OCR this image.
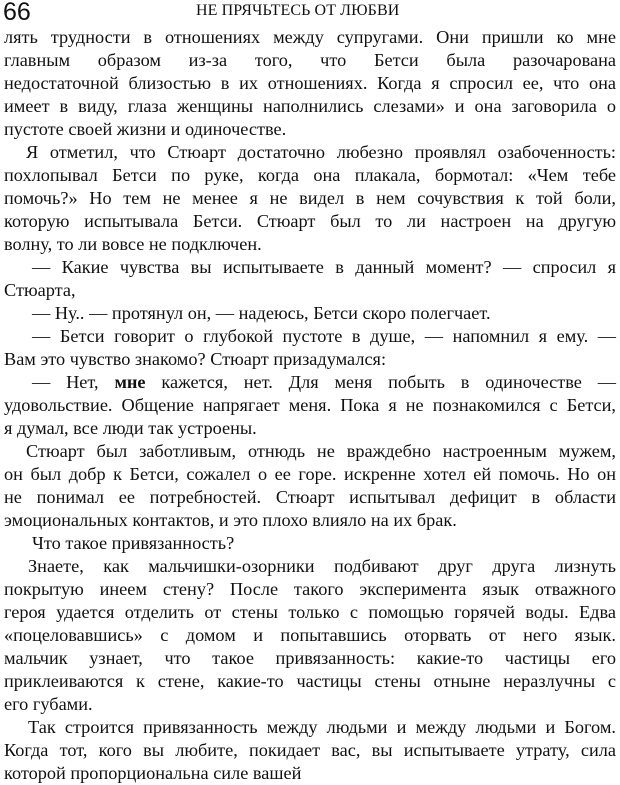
66	НЕ ПРЯЧЬТЕСЬ ОТ ЛЮБВИ
лять трудности в отношениях между супругами. Они пришли ко мне
главным образом из-за того, что Бетси была разочарована
недостаточной близостью в их отношениях. Когда я спросил ее, что она
имеет в виду, глаза женщины наполнились слезами» и она заговорила о
пустоте своей жизни и одиночестве.
Я отметил, что Стюарт достаточно любезно проявлял озабоченность:
похлопывал Бетси по руке, когда она плакала, бормотал: «Чем тебе
помочь?» Но тем не менее я не видел в нем сочувствия к той боли,
которую испытывала Бетси. Стюарт был то ли настроен на другую
волну, то ли вовсе не подключен.
— Какие чувства вы испытываете в данный момент? — спросил я
Стюарта,
— Ну.. — протянул он, — надеюсь, Бетси скоро полегчает.
— Бетси говорит о глубокой пустоте в душе, — напомнил я ему. —
Вам это чувство знакомо? Стюарт призадумался:
— Нет, мне кажется, нет. Для меня побыть в одиночестве —
удовольствие. Общение напрягает меня. Пока я не познакомился с Бетси,
я думал, все люди так устроены.
Стюарт был заботливым, отнюдь не враждебно настроенным мужем,
он был добр к Бетси, сожалел о ее горе. искренне хотел ей помочь. Но он
не понимал ее потребностей. Стюарт испытывал дефицит в области
эмоциональных контактов, и это плохо влияло на их брак.
Что такое привязанность?
Знаете, как мальчишки-озорники подбивают друг друга лизнуть
покрытую инеем стену? После такого эксперимента язык отважного
героя удается отделить от стены только с помощью горячей воды. Едва
«поцеловавшись» с домом и попытавшись оторвать от него язык.
мальчик узнает, что такое привязанность: какие-то частицы его
приклеиваются к стене, какие-то частицы стены отныне неразлучны с
его губами.
Так строится привязанность между людьми и между людьми и Богом.
Когда тот, кого вы любите, покидает вас, вы испытываете утрату, сила
которой пропорциональна силе вашей
